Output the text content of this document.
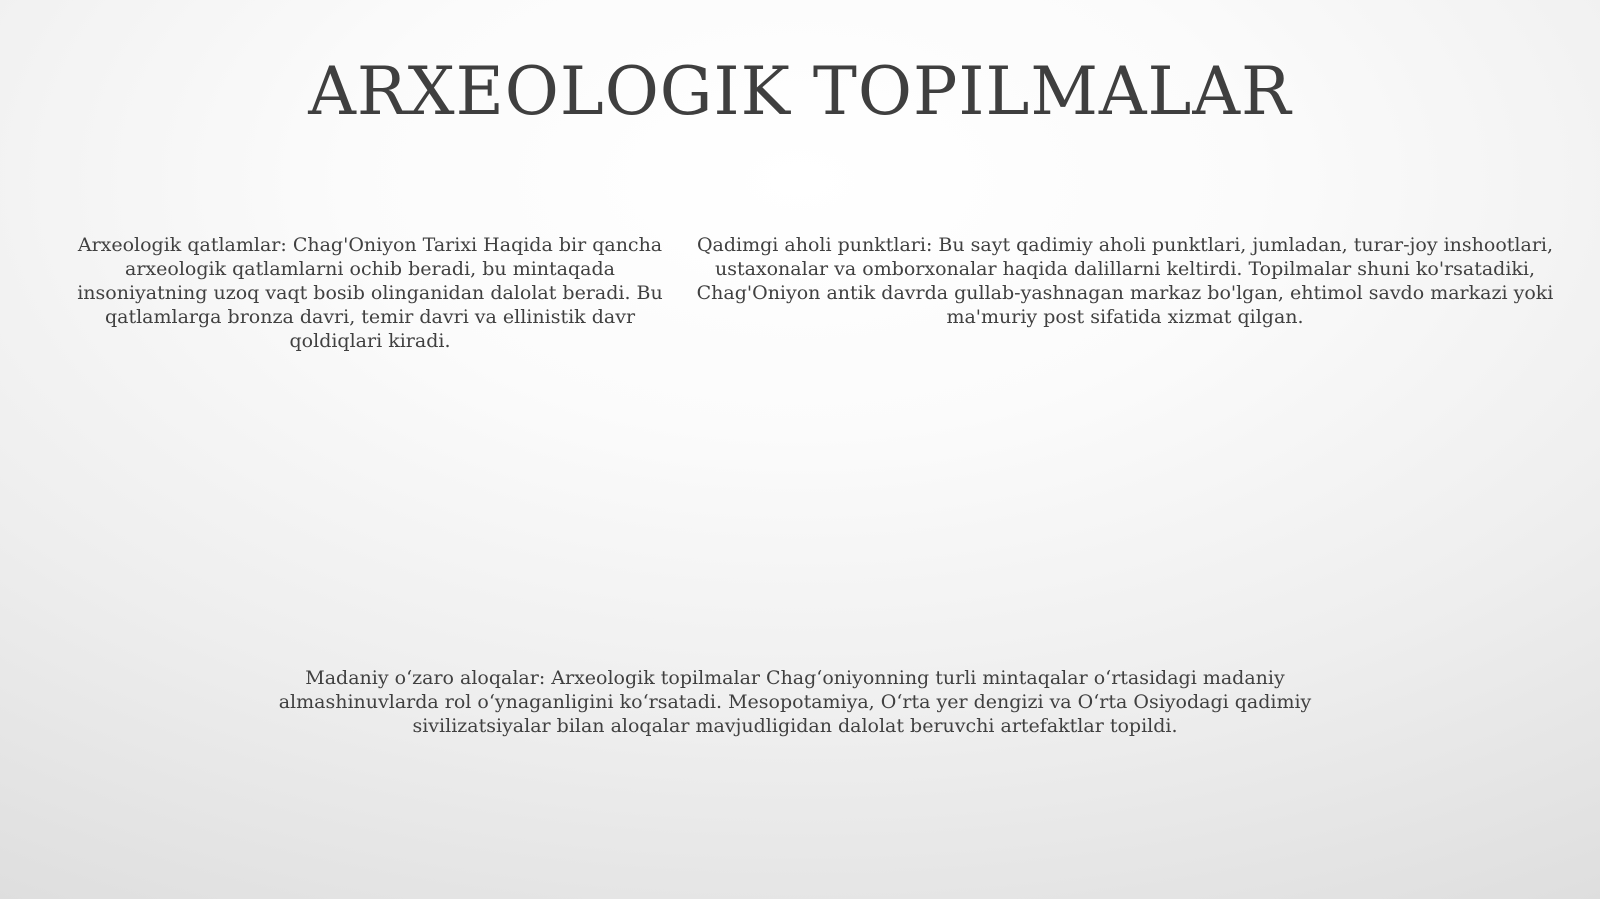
ARXEOLOGIK TOPILMALAR

Arxeologik qatlamlar: Chag'Oniyon Tarixi Haqida bir qancha arxeologik qatlamlarni ochib beradi, bu mintaqada insoniyatning uzoq vaqt bosib olinganidan dalolat beradi. Bu qatlamlarga bronza davri, temir davri va ellinistik davr qoldiqlari kiradi.

Qadimgi aholi punktlari: Bu sayt qadimiy aholi punktlari, jumladan, turar-joy inshootlari, ustaxonalar va omborxonalar haqida dalillarni keltirdi. Topilmalar shuni ko'rsatadiki, Chag'Oniyon antik davrda gullab-yashnagan markaz bo'lgan, ehtimol savdo markazi yoki ma'muriy post sifatida xizmat qilgan.

Madaniy oʻzaro aloqalar: Arxeologik topilmalar Chagʻoniyonning turli mintaqalar oʻrtasidagi madaniy almashinuvlarda rol oʻynaganligini koʻrsatadi. Mesopotamiya, Oʻrta yer dengizi va Oʻrta Osiyodagi qadimiy sivilizatsiyalar bilan aloqalar mavjudligidan dalolat beruvchi artefaktlar topildi.
